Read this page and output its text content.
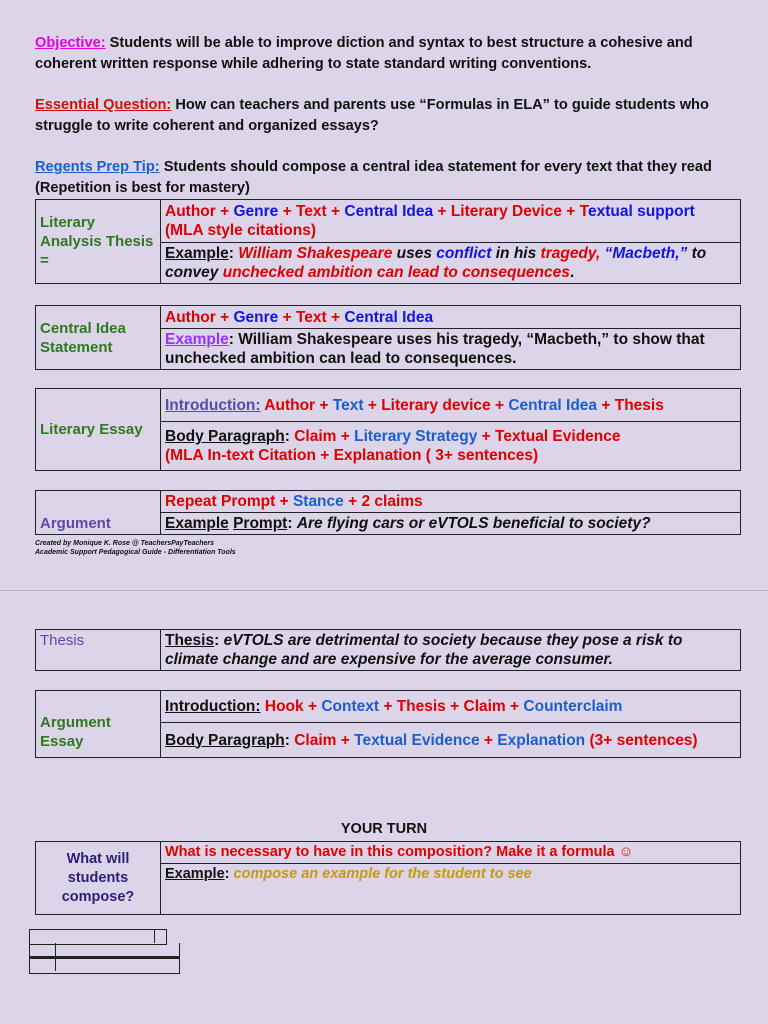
Objective: Students will be able to improve diction and syntax to best structure a cohesive and coherent written response while adhering to state standard writing conventions.
Essential Question: How can teachers and parents use “Formulas in ELA” to guide students who struggle to write coherent and organized essays?
Regents Prep Tip: Students should compose a central idea statement for every text that they read (Repetition is best for mastery)
Literary Analysis Thesis =	Author + Genre + Text + Central Idea + Literary Device + Textual support (MLA style citations)
Example: William Shakespeare uses conflict in his tragedy, “Macbeth,” to convey unchecked ambition can lead to consequences.
Central Idea Statement	Author + Genre + Text + Central Idea
Example: William Shakespeare uses his tragedy, “Macbeth,” to show that unchecked ambition can lead to consequences.
Literary Essay	Introduction: Author + Text + Literary device + Central Idea + Thesis
Body Paragraph: Claim + Literary Strategy + Textual Evidence
(MLA In-text Citation + Explanation ( 3+ sentences)
Argument	Repeat Prompt + Stance + 2 claims
Example Prompt: Are flying cars or eVTOLS beneficial to society?
Created by Monique K. Rose @ TeachersPayTeachers
Academic Support Pedagogical Guide - Differentiation Tools
Thesis	Thesis: eVTOLS are detrimental to society because they pose a risk to climate change and are expensive for the average consumer.
Argument Essay	Introduction: Hook + Context + Thesis + Claim + Counterclaim
Body Paragraph: Claim + Textual Evidence + Explanation (3+ sentences)
YOUR TURN
What will students compose?	What is necessary to have in this composition? Make it a formula ☺
Example: compose an example for the student to see
